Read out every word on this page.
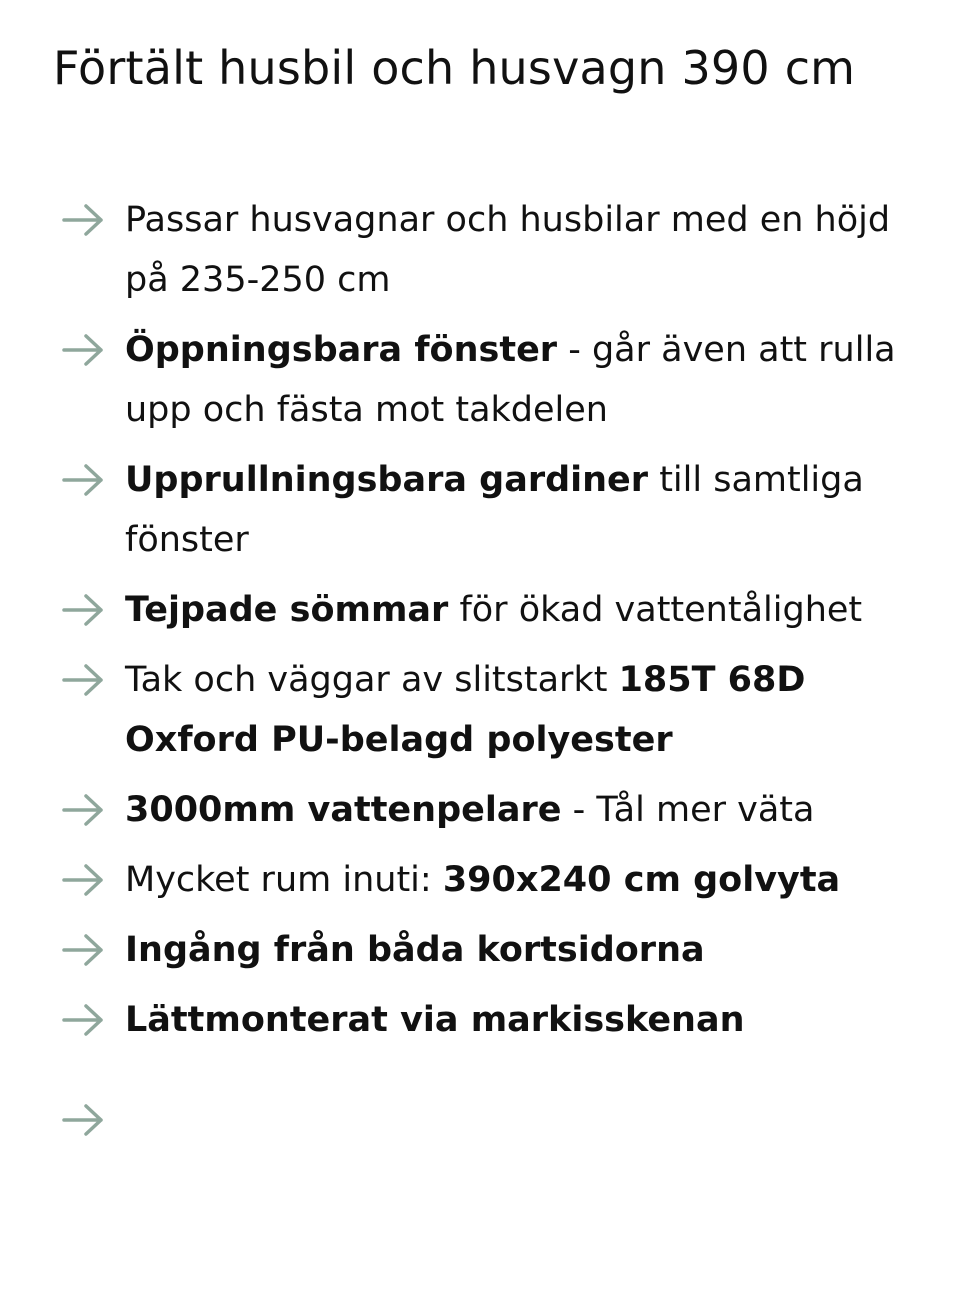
Förtält husbil och husvagn 390 cm
Passar husvagnar och husbilar med en höjd på 235-250 cm
Öppningsbara fönster - går även att rulla upp och fästa mot takdelen
Upprullningsbara gardiner till samtliga fönster
Tejpade sömmar för ökad vattentålighet
Tak och väggar av slitstarkt 185T 68D Oxford PU-belagd polyester
3000mm vattenpelare - Tål mer väta
Mycket rum inuti: 390x240 cm golvyta
Ingång från båda kortsidorna
Lättmonterat via markisskenan
